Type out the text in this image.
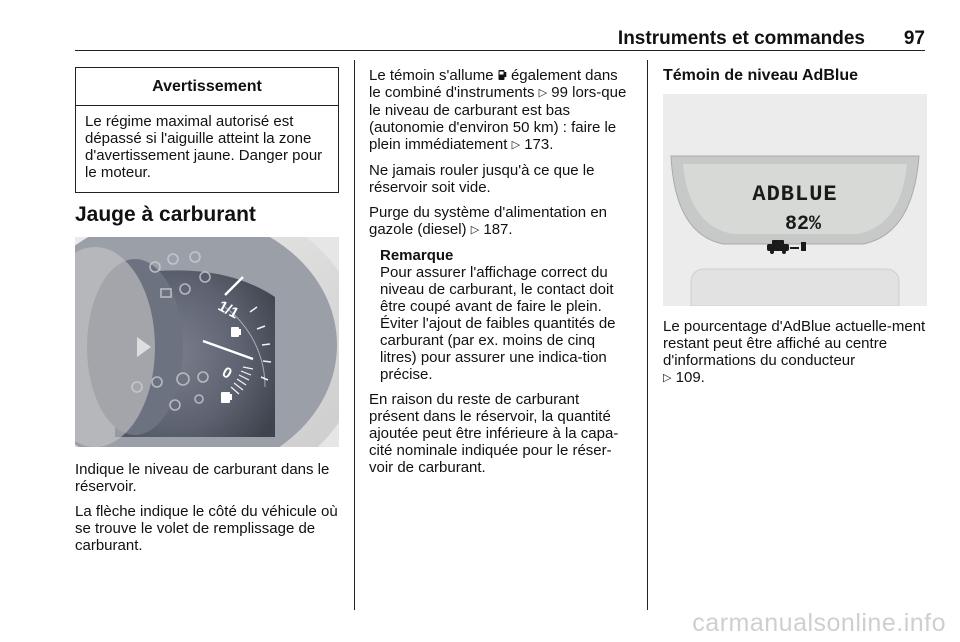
Instruments et commandes 97
Avertissement
Le régime maximal autorisé est dépassé si l'aiguille atteint la zone d'avertissement jaune. Danger pour le moteur.
Jauge à carburant
1/1
0

Indique le niveau de carburant dans le réservoir.

La flèche indique le côté du véhicule où se trouve le volet de remplissage de carburant.

Le témoin s'allume également dans le combiné d'instruments ▷ 99 lors-que le niveau de carburant est bas (autonomie d'environ 50 km) : faire le plein immédiatement ▷ 173.

Ne jamais rouler jusqu'à ce que le réservoir soit vide.

Purge du système d'alimentation en gazole (diesel) ▷ 187.

Remarque
Pour assurer l'affichage correct du niveau de carburant, le contact doit être coupé avant de faire le plein. Éviter l'ajout de faibles quantités de carburant (par ex. moins de cinq litres) pour assurer une indica-tion précise.

En raison du reste de carburant présent dans le réservoir, la quantité ajoutée peut être inférieure à la capa-cité nominale indiquée pour le réser-voir de carburant.

Témoin de niveau AdBlue
ADBLUE
82%

Le pourcentage d'AdBlue actuelle-ment restant peut être affiché au centre d'informations du conducteur
▷ 109.

carmanualsonline.info
